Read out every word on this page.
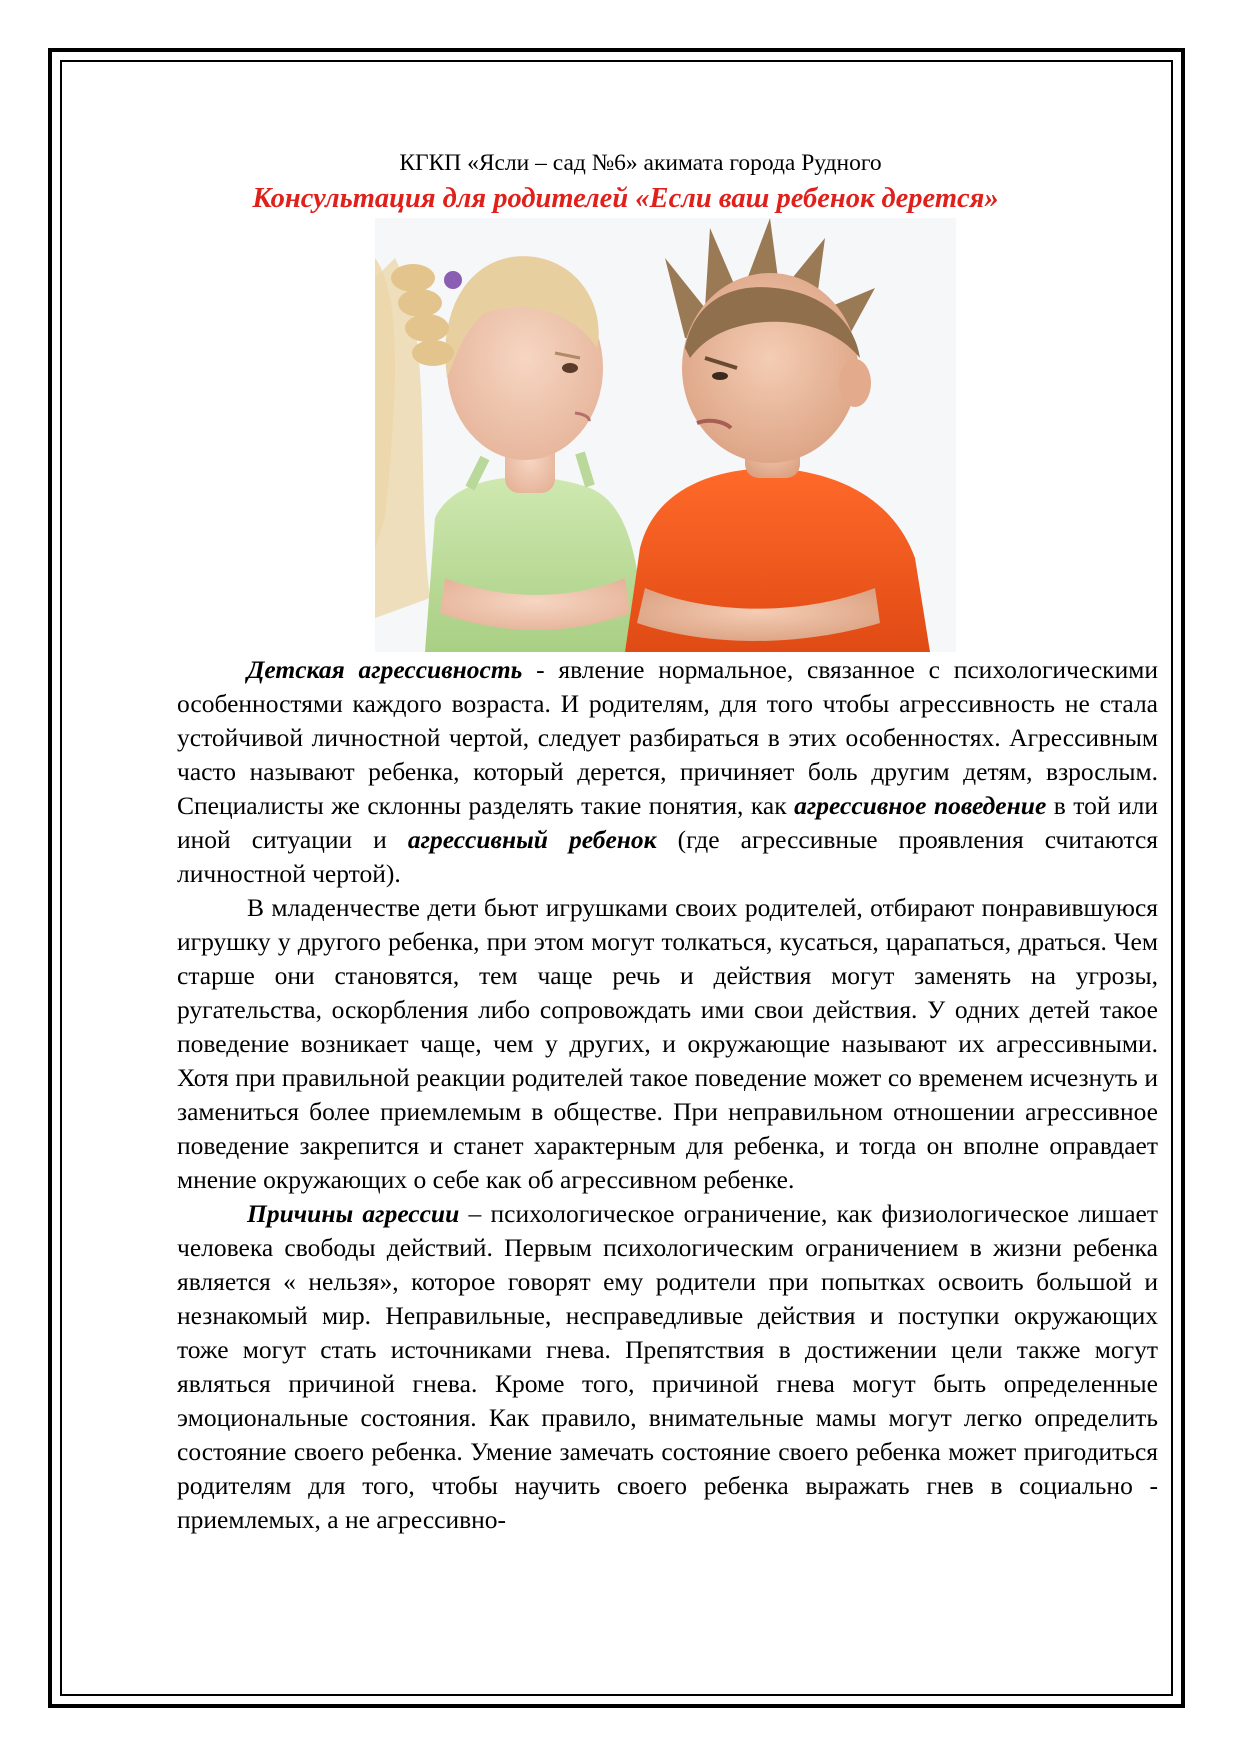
КГКП «Ясли – сад №6» акимата города Рудного
Консультация для родителей «Если ваш ребенок дерется»

Детская агрессивность - явление нормальное, связанное с психологическими особенностями каждого возраста. И родителям, для того чтобы агрессивность не стала устойчивой личностной чертой, следует разбираться в этих особенностях. Агрессивным часто называют ребенка, который дерется, причиняет боль другим детям, взрослым. Специалисты же склонны разделять такие понятия, как агрессивное поведение в той или иной ситуации и агрессивный ребенок (где агрессивные проявления считаются личностной чертой).

В младенчестве дети бьют игрушками своих родителей, отбирают понравившуюся игрушку у другого ребенка, при этом могут толкаться, кусаться, царапаться, драться. Чем старше они становятся, тем чаще речь и действия могут заменять на угрозы, ругательства, оскорбления либо сопровождать ими свои действия. У одних детей такое поведение возникает чаще, чем у других, и окружающие называют их агрессивными. Хотя при правильной реакции родителей такое поведение может со временем исчезнуть и замениться более приемлемым в обществе. При неправильном отношении агрессивное поведение закрепится и станет характерным для ребенка, и тогда он вполне оправдает мнение окружающих о себе как об агрессивном ребенке.

Причины агрессии – психологическое ограничение, как физиологическое лишает человека свободы действий. Первым психологическим ограничением в жизни ребенка является « нельзя», которое говорят ему родители при попытках освоить большой и незнакомый мир. Неправильные, несправедливые действия и поступки окружающих тоже могут стать источниками гнева. Препятствия в достижении цели также могут являться причиной гнева. Кроме того, причиной гнева могут быть определенные эмоциональные состояния. Как правило, внимательные мамы могут легко определить состояние своего ребенка. Умение замечать состояние своего ребенка может пригодиться родителям для того, чтобы научить своего ребенка выражать гнев в социально - приемлемых, а не агрессивно-
